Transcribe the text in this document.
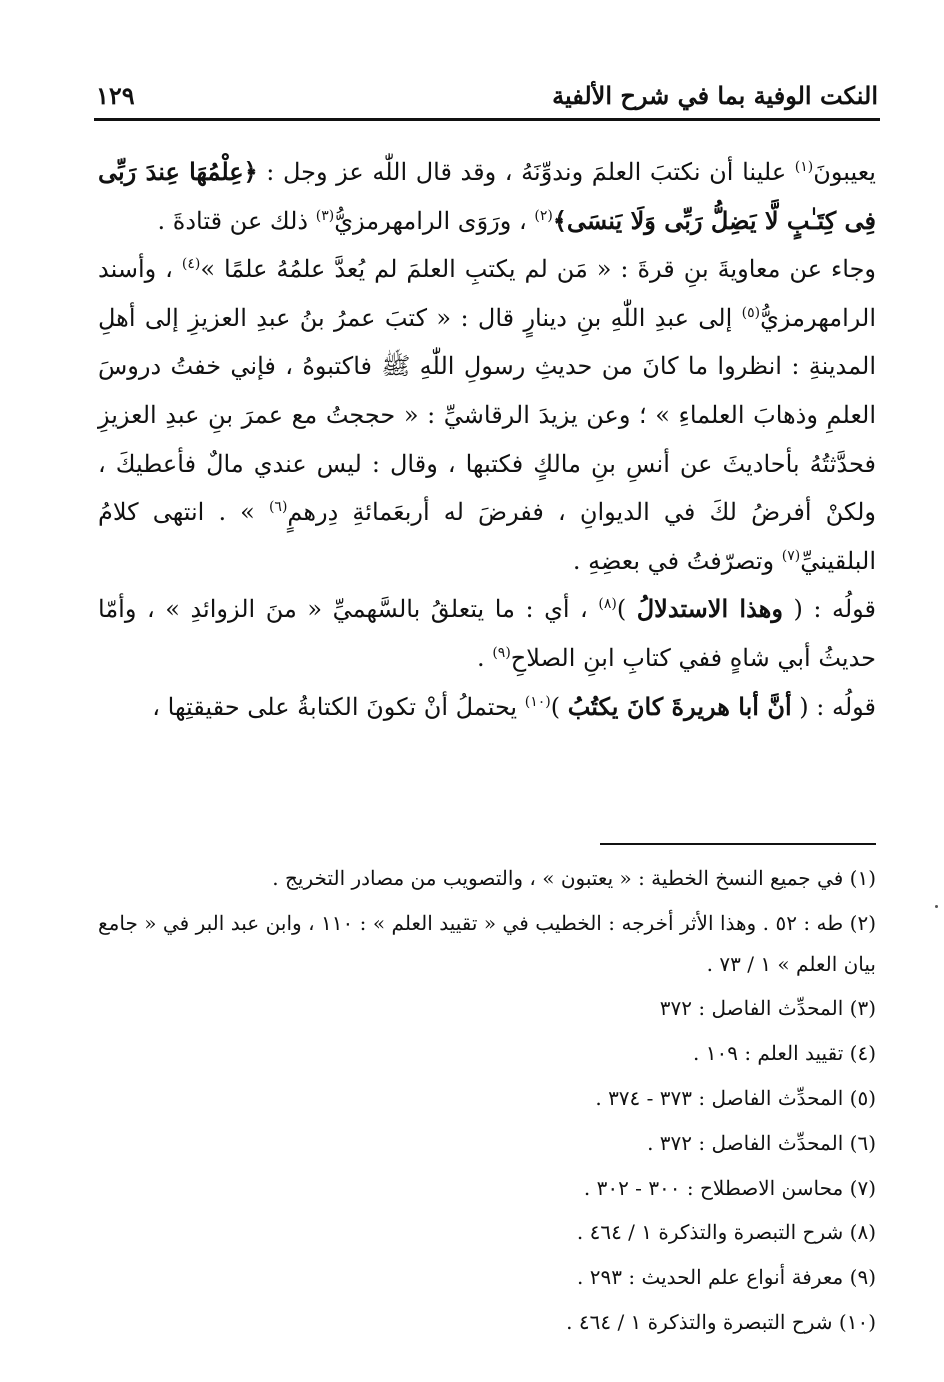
النكت الوفية بما في شرح الألفية
١٢٩

يعيبونَ$^{(١)}$ علينا أن نكتبَ العلمَ وندوِّنَهُ ، وقد قال اللّٰه عز وجل : ﴿عِلْمُهَا عِندَ رَبِّى فِى كِتَـٰبٍ لَّا يَضِلُّ رَبِّى وَلَا يَنسَى﴾$^{(٢)}$ ، ورَوَى الرامهرمزيُّ$^{(٣)}$ ذلك عن قتادةَ .

وجاء عن معاويةَ بنِ قرةَ : « مَن لم يكتبِ العلمَ لم يُعدَّ علمُهُ علمًا »$^{(٤)}$ ، وأسند الرامهرمزيُّ$^{(٥)}$ إلى عبدِ اللّٰهِ بنِ دينارٍ قال : « كتبَ عمرُ بنُ عبدِ العزيزِ إلى أهلِ المدينةِ : انظروا ما كانَ من حديثِ رسولِ اللّٰهِ ﷺ فاكتبوهُ ، فإني خفتُ دروسَ العلمِ وذهابَ العلماءِ » ؛ وعن يزيدَ الرقاشيِّ : « حججتُ مع عمرَ بنِ عبدِ العزيزِ فحدَّثتُهُ بأحاديثَ عن أنسِ بنِ مالكٍ فكتبها ، وقال : ليس عندي مالٌ فأعطيكَ ، ولكنْ أفرضُ لكَ في الديوانِ ، ففرضَ له أربعَمائةِ دِرهمٍ$^{(٦)}$ » . انتهى كلامُ البلقينيِّ$^{(٧)}$ وتصرّفتُ في بعضِهِ .

قولُه : ( وهذا الاستدلالُ )$^{(٨)}$ ، أي : ما يتعلقُ بالسَّهميِّ « منَ الزوائدِ » ، وأمّا حديثُ أبي شاهٍ ففي كتابِ ابنِ الصلاحِ$^{(٩)}$ .

قولُه : ( أنَّ أبا هريرةَ كانَ يكتُبُ )$^{(١٠)}$ يحتملُ أنْ تكونَ الكتابةُ على حقيقتِها ،

(١) في جميع النسخ الخطية : « يعتبون » ، والتصويب من مصادر التخريج .

(٢) طه : ٥٢ . وهذا الأثر أخرجه : الخطيب في « تقييد العلم » : ١١٠ ، وابن عبد البر في « جامع بيان العلم » ١ / ٧٣ .

(٣) المحدِّث الفاصل : ٣٧٢

(٤) تقييد العلم : ١٠٩ .

(٥) المحدِّث الفاصل : ٣٧٣ - ٣٧٤ .

(٦) المحدِّث الفاصل : ٣٧٢ .

(٧) محاسن الاصطلاح : ٣٠٠ - ٣٠٢ .

(٨) شرح التبصرة والتذكرة ١ / ٤٦٤ .

(٩) معرفة أنواع علم الحديث : ٢٩٣ .

(١٠) شرح التبصرة والتذكرة ١ / ٤٦٤ .
